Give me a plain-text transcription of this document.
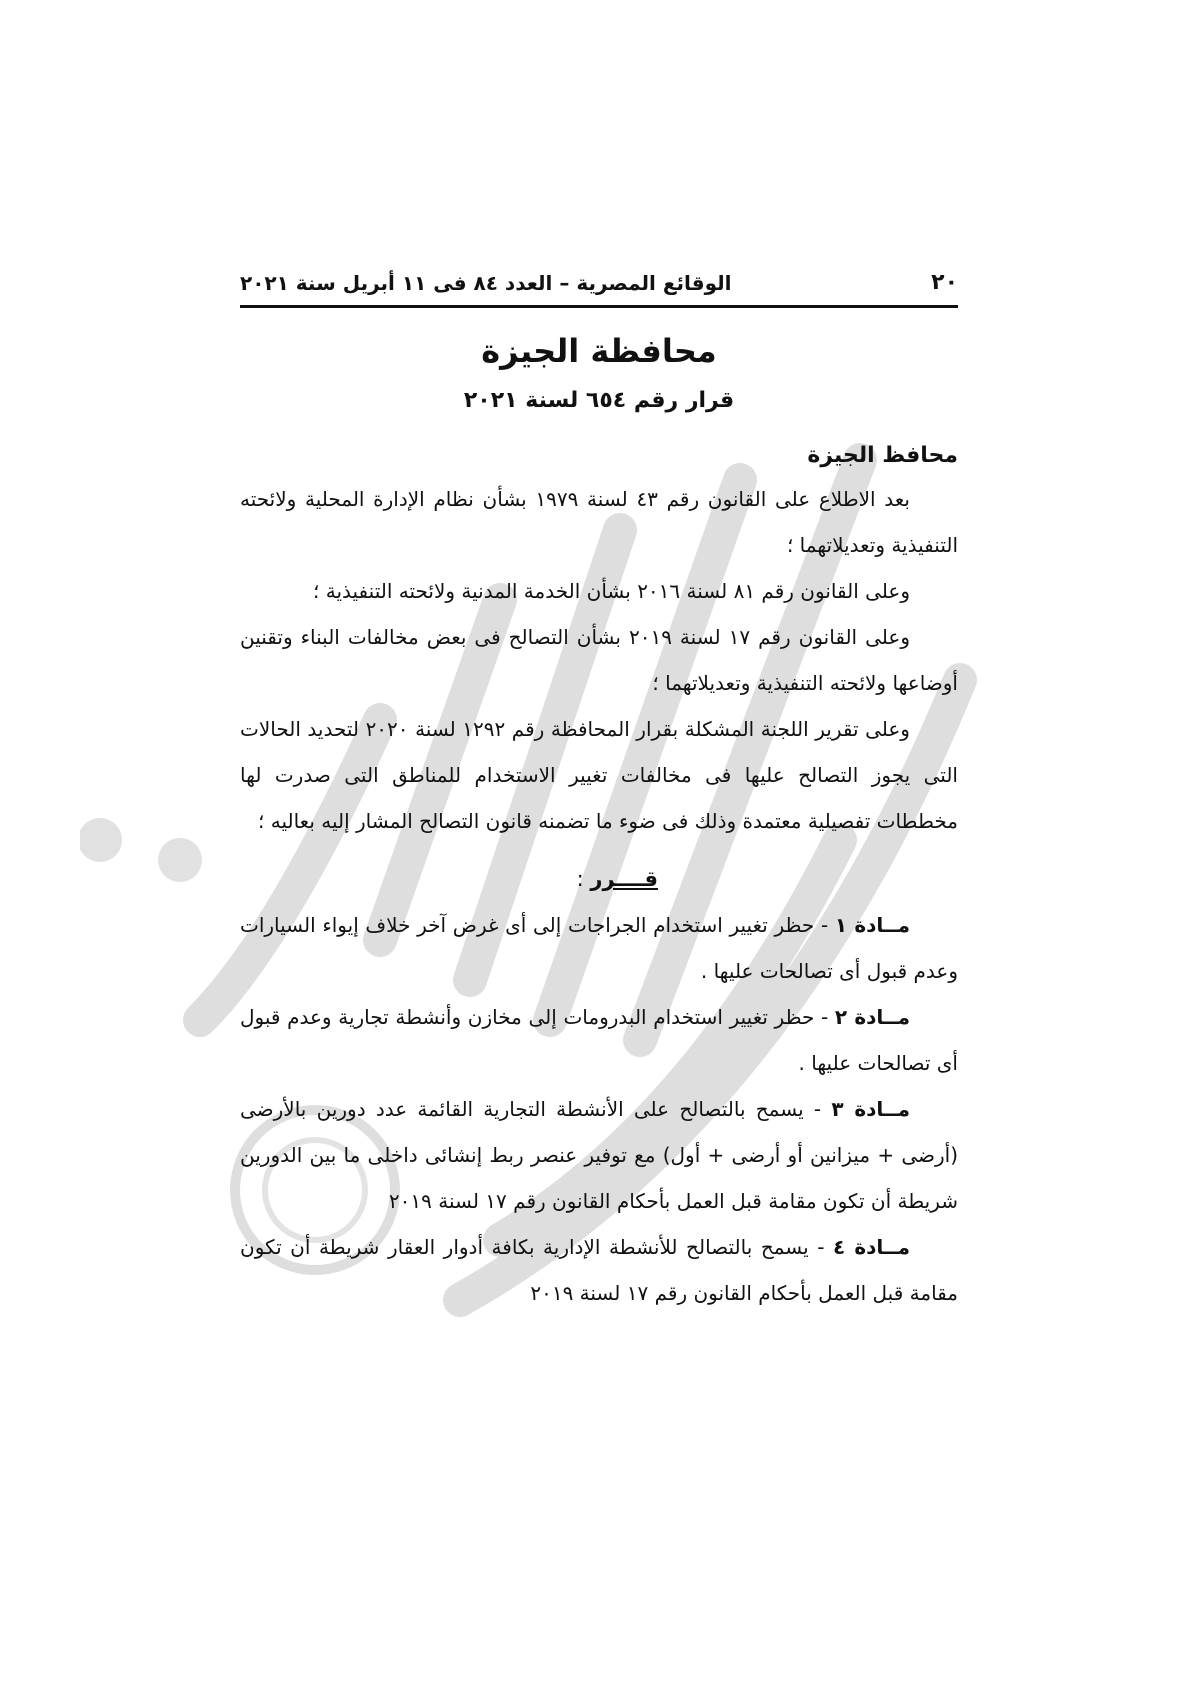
٢٠
الوقائع المصرية – العدد ٨٤ فى ١١ أبريل سنة ٢٠٢١
محافظة الجيزة
قرار رقم ٦٥٤ لسنة ٢٠٢١
محافظ الجيزة

بعد الاطلاع على القانون رقم ٤٣ لسنة ١٩٧٩ بشأن نظام الإدارة المحلية ولائحته التنفيذية وتعديلاتهما ؛

وعلى القانون رقم ٨١ لسنة ٢٠١٦ بشأن الخدمة المدنية ولائحته التنفيذية ؛

وعلى القانون رقم ١٧ لسنة ٢٠١٩ بشأن التصالح فى بعض مخالفات البناء وتقنين أوضاعها ولائحته التنفيذية وتعديلاتهما ؛

وعلى تقرير اللجنة المشكلة بقرار المحافظة رقم ١٢٩٢ لسنة ٢٠٢٠ لتحديد الحالات التى يجوز التصالح عليها فى مخالفات تغيير الاستخدام للمناطق التى صدرت لها مخططات تفصيلية معتمدة وذلك فى ضوء ما تضمنه قانون التصالح المشار إليه بعاليه ؛

قــــرر :

مــادة ١ - حظر تغيير استخدام الجراجات إلى أى غرض آخر خلاف إيواء السيارات وعدم قبول أى تصالحات عليها .

مــادة ٢ - حظر تغيير استخدام البدرومات إلى مخازن وأنشطة تجارية وعدم قبول أى تصالحات عليها .

مــادة ٣ - يسمح بالتصالح على الأنشطة التجارية القائمة عدد دورين بالأرضى (أرضى + ميزانين أو أرضى + أول) مع توفير عنصر ربط إنشائى داخلى ما بين الدورين شريطة أن تكون مقامة قبل العمل بأحكام القانون رقم ١٧ لسنة ٢٠١٩

مــادة ٤ - يسمح بالتصالح للأنشطة الإدارية بكافة أدوار العقار شريطة أن تكون مقامة قبل العمل بأحكام القانون رقم ١٧ لسنة ٢٠١٩
